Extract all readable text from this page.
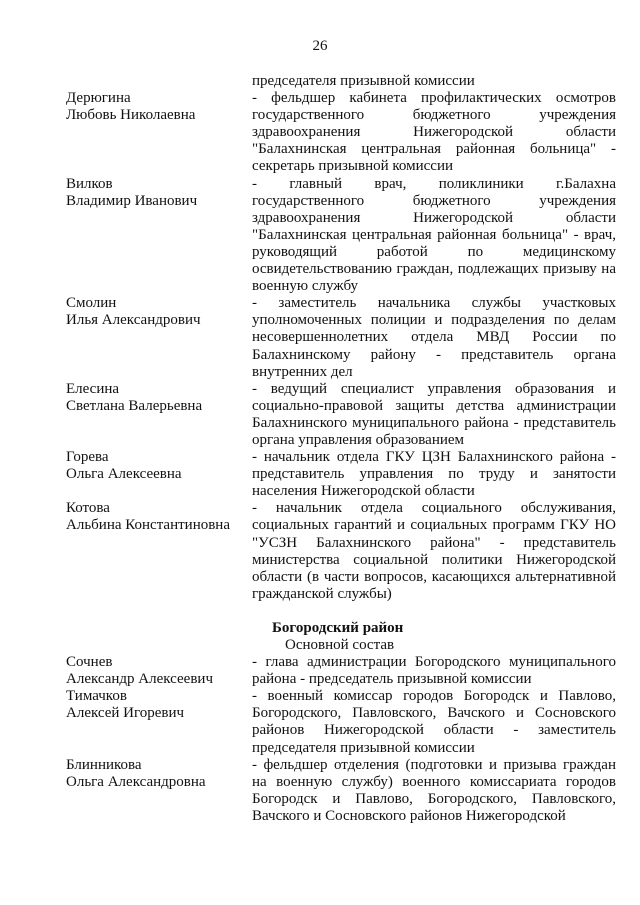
26
председателя призывной комиссии
Дерюгина
Любовь Николаевна
- фельдшер кабинета профилактических осмотров государственного бюджетного учреждения здравоохранения Нижегородской области "Балахнинская центральная районная больница" - секретарь призывной комиссии
Вилков
Владимир Иванович
- главный врач, поликлиники г.Балахна государственного бюджетного учреждения здравоохранения Нижегородской области "Балахнинская центральная районная больница" - врач, руководящий работой по медицинскому освидетельствованию граждан, подлежащих призыву на военную службу
Смолин
Илья Александрович
- заместитель начальника службы участковых уполномоченных полиции и подразделения по делам несовершеннолетних отдела МВД России по Балахнинскому району - представитель органа внутренних дел
Елесина
Светлана Валерьевна
- ведущий специалист управления образования и социально-правовой защиты детства администрации Балахнинского муниципального района - представитель органа управления образованием
Горева
Ольга Алексеевна
- начальник отдела ГКУ ЦЗН Балахнинского района - представитель управления по труду и занятости населения Нижегородской области
Котова
Альбина Константиновна
- начальник отдела социального обслуживания, социальных гарантий и социальных программ ГКУ НО "УСЗН Балахнинского района" - представитель министерства социальной политики Нижегородской области (в части вопросов, касающихся альтернативной гражданской службы)
Богородский район
Основной состав
Сочнев
Александр Алексеевич
- глава администрации Богородского муниципального района - председатель призывной комиссии
Тимачков
Алексей Игоревич
- военный комиссар городов Богородск и Павлово, Богородского, Павловского, Вачского и Сосновского районов Нижегородской области - заместитель председателя призывной комиссии
Блинникова
Ольга Александровна
- фельдшер отделения (подготовки и призыва граждан на военную службу) военного комиссариата городов Богородск и Павлово, Богородского, Павловского, Вачского и Сосновского районов Нижегородской
